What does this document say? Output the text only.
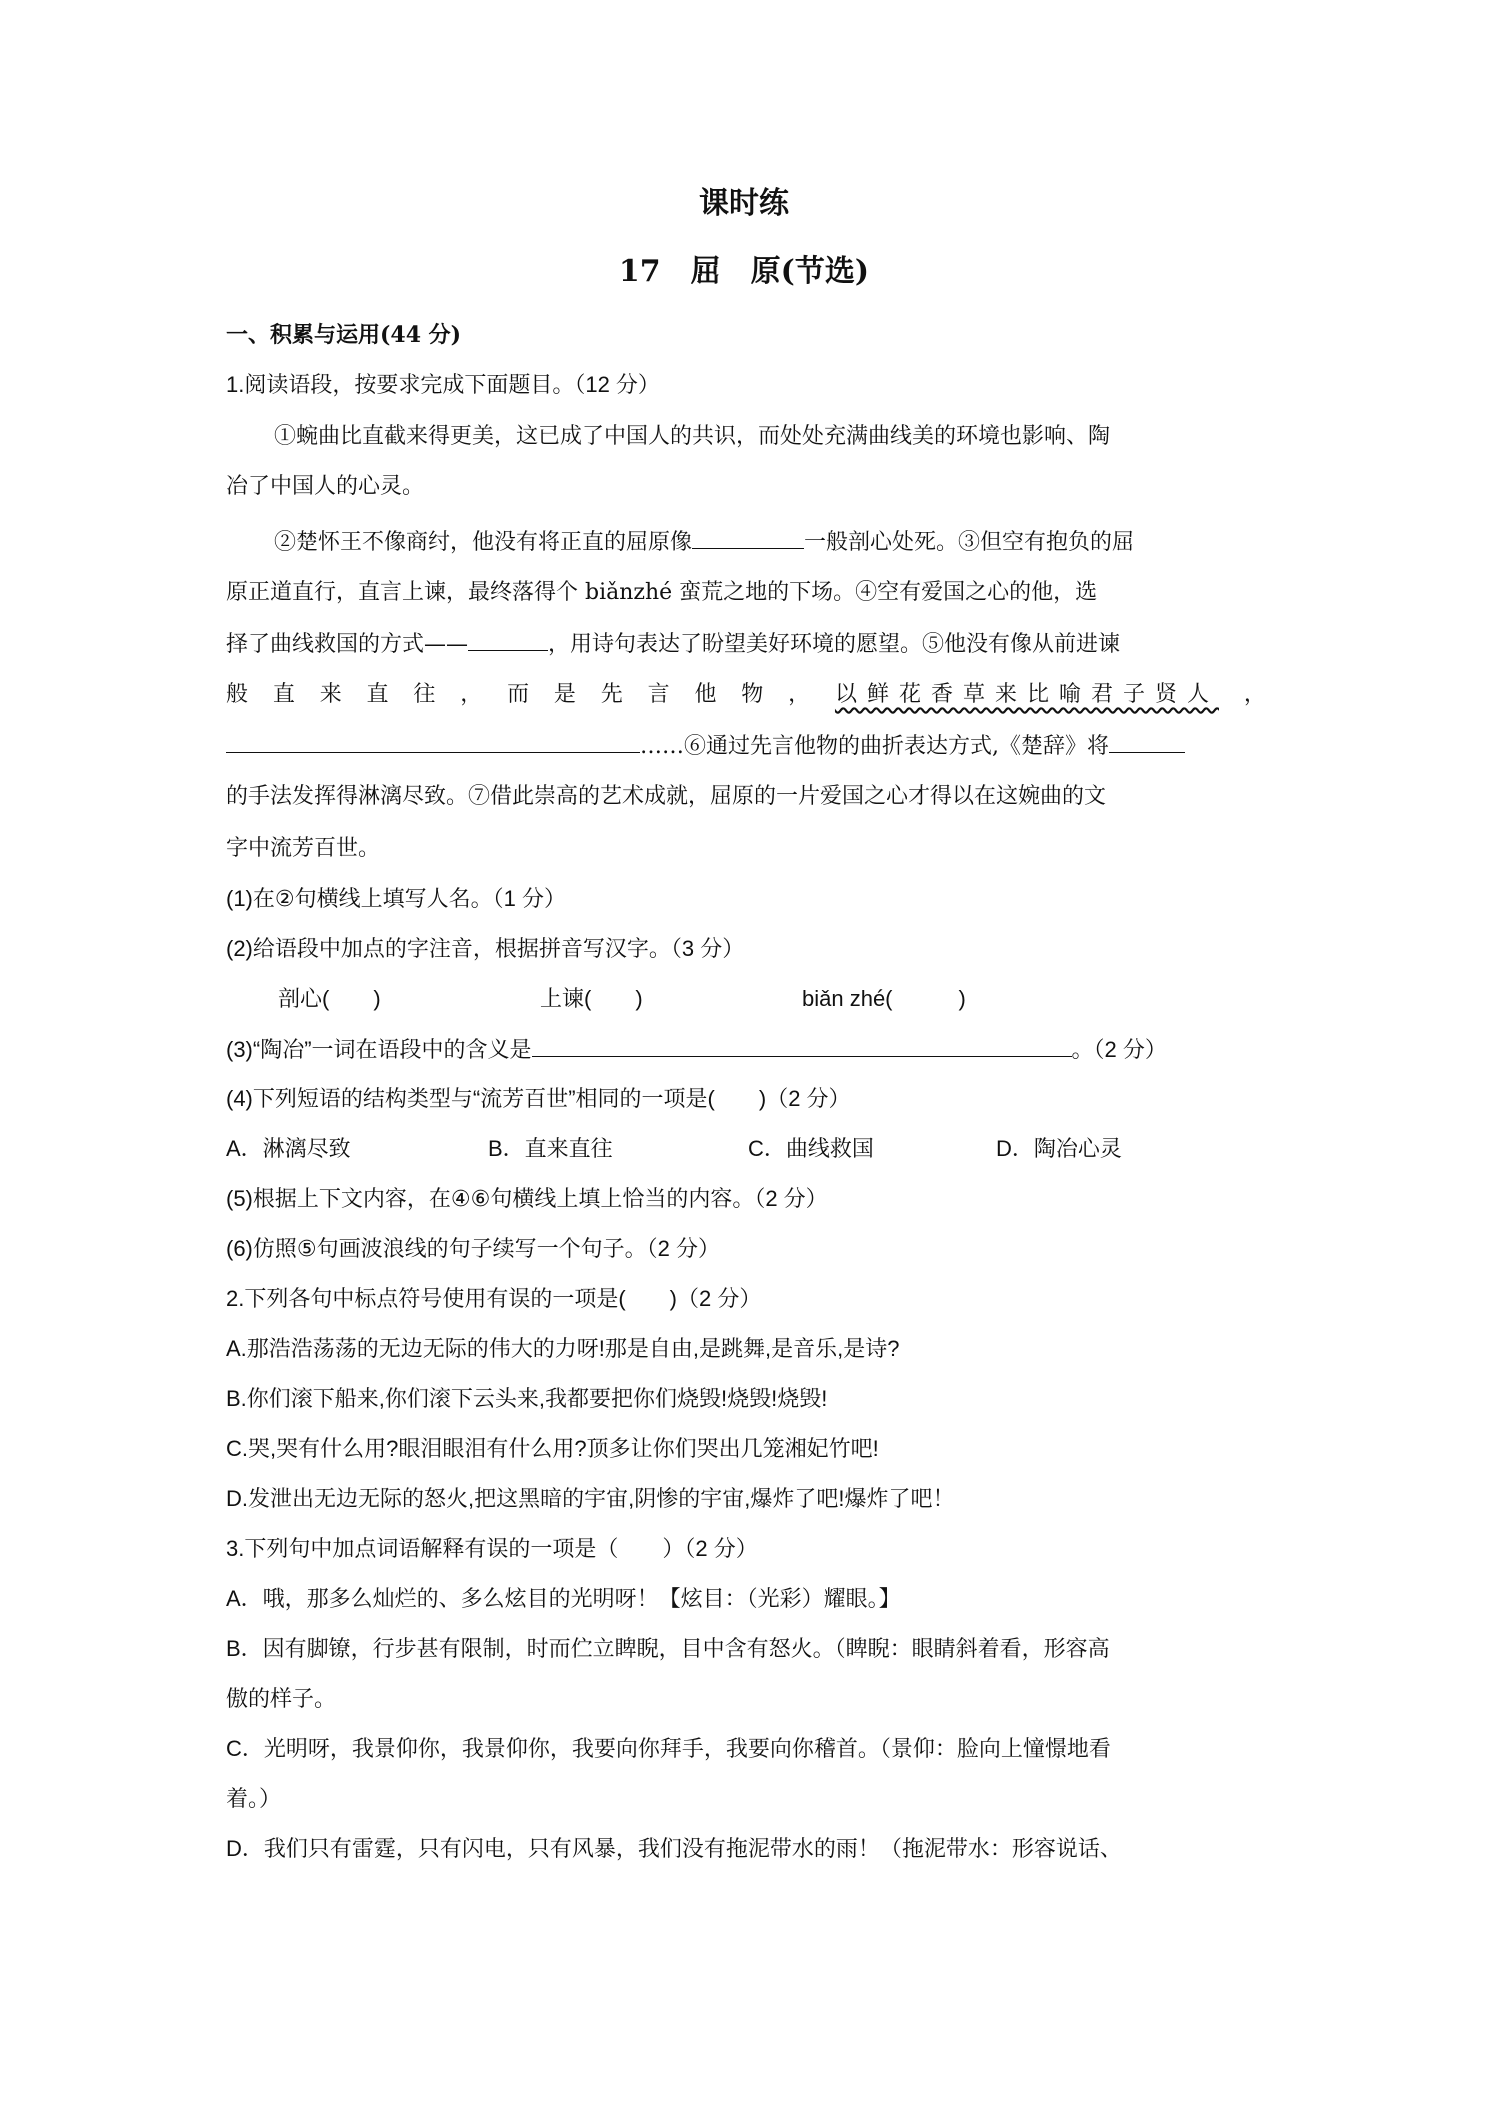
课时练
17　屈　原(节选)
一、积累与运用(44 分)
1.阅读语段，按要求完成下面题目。（12 分）
①蜿曲比直截来得更美，这已成了中国人的共识，而处处充满曲线美的环境也影响、陶
冶了中国人的心灵。
②楚怀王不像商纣，他没有将正直的屈原像	一般剖心处死。③但空有抱负的屈
原正道直行，直言上谏，最终落得个 biǎnzhé 蛮荒之地的下场。④空有爱国之心的他，选
择了曲线救国的方式——	，用诗句表达了盼望美好环境的愿望。⑤他没有像从前进谏
般 直 来 直 往 ， 而 是 先 言 他 物 ， 以鲜花香草来比喻君子贤人 ，
……⑥通过先言他物的曲折表达方式,《楚辞》将
的手法发挥得淋漓尽致。⑦借此崇高的艺术成就，屈原的一片爱国之心才得以在这婉曲的文
字中流芳百世。
(1)在②句横线上填写人名。（1 分）
(2)给语段中加点的字注音，根据拼音写汉字。（3 分）
剖心(　　)	上谏(　　)	biǎn zhé(　　　)
(3)“陶冶”一词在语段中的含义是	。（2 分）
(4)下列短语的结构类型与“流芳百世”相同的一项是(　　)（2 分）
A．淋漓尽致	B．直来直往	C．曲线救国	D．陶冶心灵
(5)根据上下文内容，在④⑥句横线上填上恰当的内容。（2 分）
(6)仿照⑤句画波浪线的句子续写一个句子。（2 分）
2.下列各句中标点符号使用有误的一项是(　　)（2 分）
A.那浩浩荡荡的无边无际的伟大的力呀!那是自由,是跳舞,是音乐,是诗?
B.你们滚下船来,你们滚下云头来,我都要把你们烧毁!烧毁!烧毁!
C.哭,哭有什么用?眼泪眼泪有什么用?顶多让你们哭出几笼湘妃竹吧!
D.发泄出无边无际的怒火,把这黑暗的宇宙,阴惨的宇宙,爆炸了吧!爆炸了吧！
3.下列句中加点词语解释有误的一项是（　　）（2 分）
A．哦，那多么灿烂的、多么炫目的光明呀！【炫目：（光彩）耀眼。】
B．因有脚镣，行步甚有限制，时而伫立睥睨，目中含有怒火。（睥睨：眼睛斜着看，形容高
傲的样子。
C．光明呀，我景仰你，我景仰你，我要向你拜手，我要向你稽首。（景仰：脸向上憧憬地看
着。）
D．我们只有雷霆，只有闪电，只有风暴，我们没有拖泥带水的雨！（拖泥带水：形容说话、
